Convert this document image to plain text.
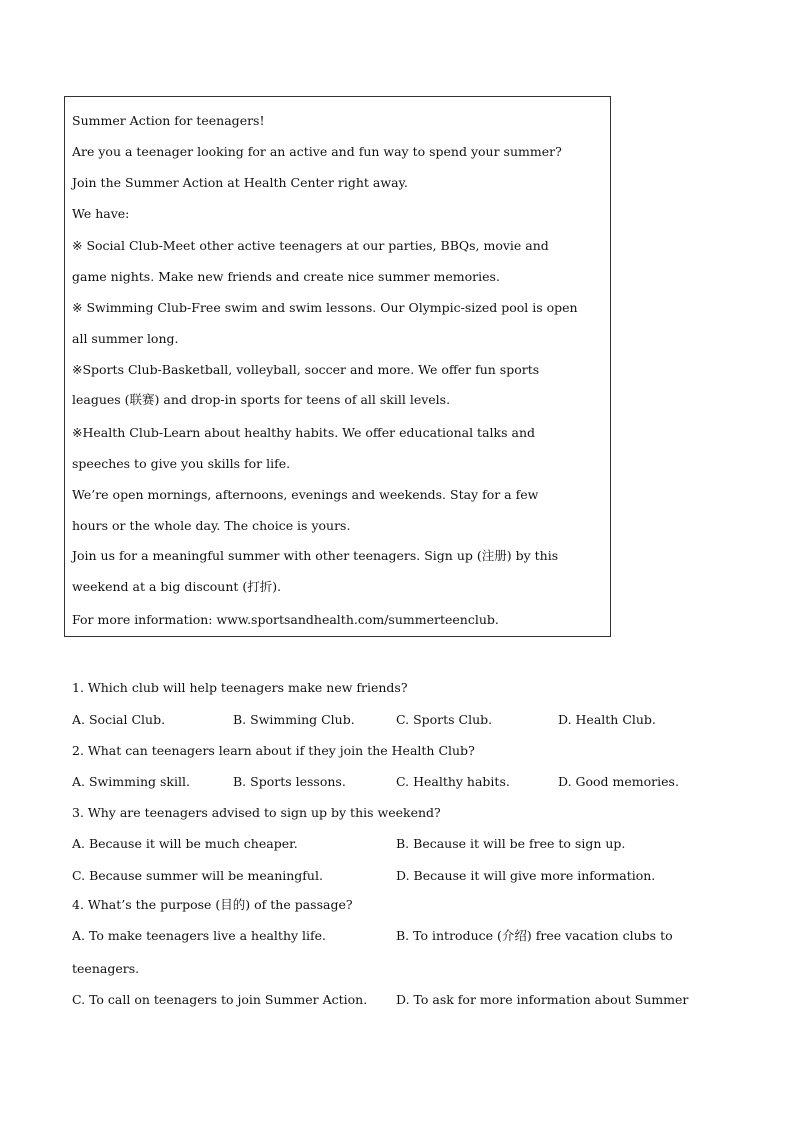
Summer Action for teenagers!
Are you a teenager looking for an active and fun way to spend your summer?
Join the Summer Action at Health Center right away.
We have:
※ Social Club-Meet other active teenagers at our parties, BBQs, movie and
game nights. Make new friends and create nice summer memories.
※ Swimming Club-Free swim and swim lessons. Our Olympic-sized pool is open
all summer long.
※Sports Club-Basketball, volleyball, soccer and more. We offer fun sports
leagues (联赛) and drop-in sports for teens of all skill levels.
※Health Club-Learn about healthy habits. We offer educational talks and
speeches to give you skills for life.
We’re open mornings, afternoons, evenings and weekends. Stay for a few
hours or the whole day. The choice is yours.
Join us for a meaningful summer with other teenagers. Sign up (注册) by this
weekend at a big discount (打折).
For more information: www.sportsandhealth.com/summerteenclub.
1. Which club will help teenagers make new friends?
A. Social Club.	B. Swimming Club.	C. Sports Club.	D. Health Club.
2. What can teenagers learn about if they join the Health Club?
A. Swimming skill.	B. Sports lessons.	C. Healthy habits.	D. Good memories.
3. Why are teenagers advised to sign up by this weekend?
A. Because it will be much cheaper.	B. Because it will be free to sign up.
C. Because summer will be meaningful.	D. Because it will give more information.
4. What’s the purpose (目的) of the passage?
A. To make teenagers live a healthy life.	B. To introduce (介绍) free vacation clubs to
teenagers.
C. To call on teenagers to join Summer Action. D. To ask for more information about Summer
